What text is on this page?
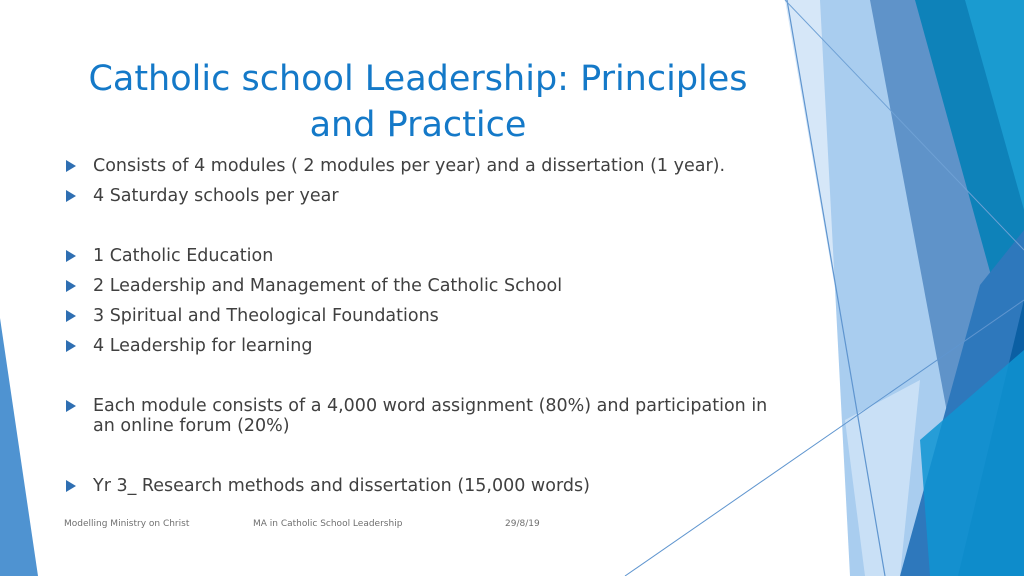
Catholic school Leadership: Principles and Practice
Consists of 4 modules ( 2 modules per year) and a dissertation (1 year).
4 Saturday schools per year
1 Catholic Education
2 Leadership and Management of the Catholic School
3 Spiritual and Theological Foundations
4 Leadership for learning
Each module consists of a 4,000 word assignment (80%) and participation in an online forum (20%)
Yr 3_ Research methods and dissertation (15,000 words)
Modelling Ministry on Christ	MA in Catholic School Leadership	29/8/19
